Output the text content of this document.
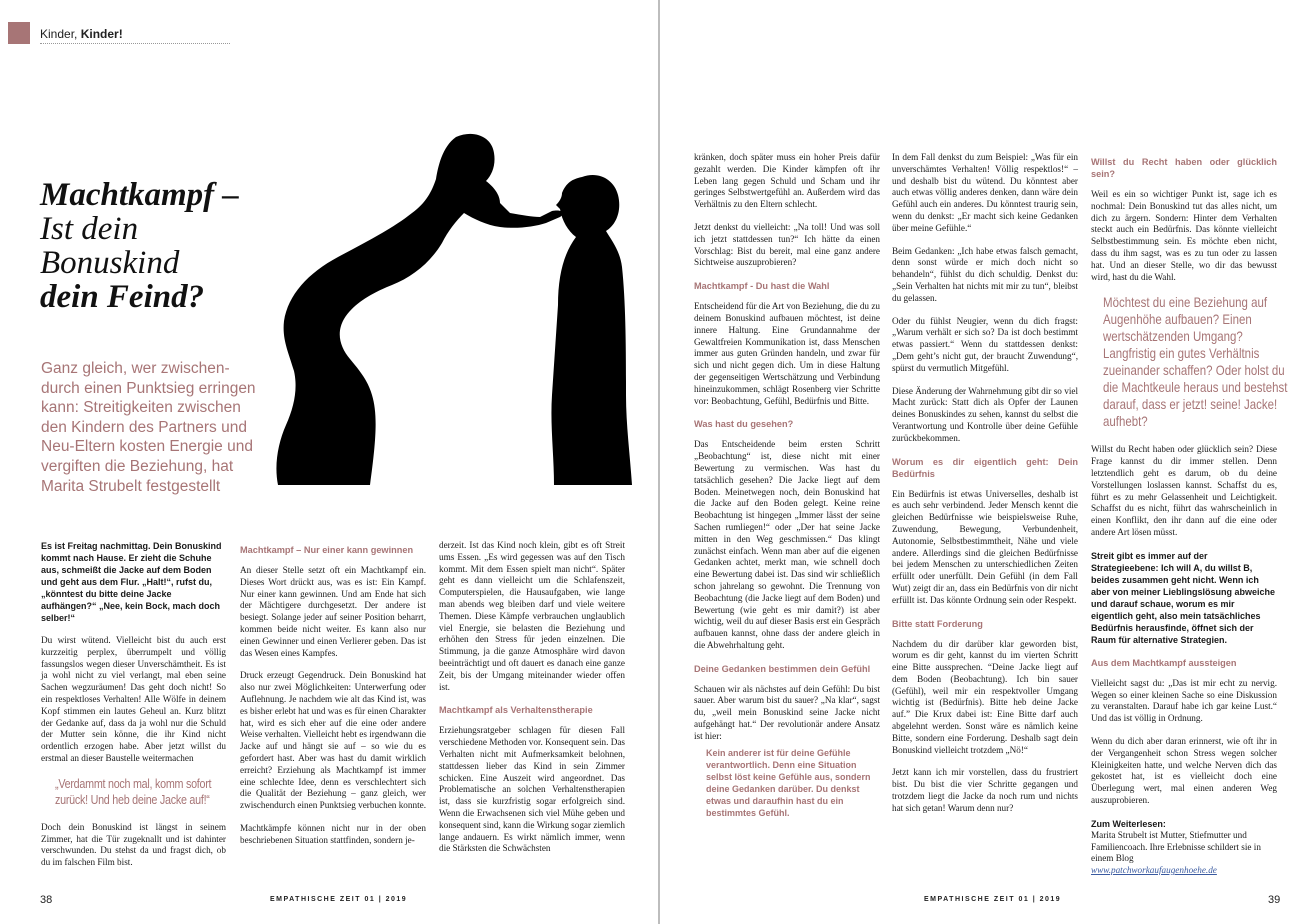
Kinder, Kinder!
Machtkampf –
Ist dein
Bonuskind
dein Feind?
Ganz gleich, wer zwischendurch einen Punktsieg erringen kann: Streitigkeiten zwischen den Kindern des Partners und Neu-Eltern kosten Energie und vergiften die Beziehung, hat Marita Strubelt festgestellt

Es ist Freitag nachmittag. Dein Bonuskind kommt nach Hause. Er zieht die Schuhe aus, schmeißt die Jacke auf dem Boden und geht aus dem Flur. „Halt!“, rufst du, „könntest du bitte deine Jacke aufhängen?“ „Nee, kein Bock, mach doch selber!“

Du wirst wütend. Vielleicht bist du auch erst kurzzeitig perplex, überrumpelt und völlig fassungslos wegen dieser Unverschämtheit. Es ist ja wohl nicht zu viel verlangt, mal eben seine Sachen wegzuräumen! Das geht doch nicht! So ein respektloses Verhalten! Alle Wölfe in deinem Kopf stimmen ein lautes Geheul an. Kurz blitzt der Gedanke auf, dass da ja wohl nur die Schuld der Mutter sein könne, die ihr Kind nicht ordentlich erzogen habe. Aber jetzt willst du erstmal an dieser Baustelle weitermachen

„Verdammt noch mal, komm sofort zurück! Und heb deine Jacke auf!“

Doch dein Bonuskind ist längst in seinem Zimmer, hat die Tür zugeknallt und ist dahinter verschwunden. Du stehst da und fragst dich, ob du im falschen Film bist.

Machtkampf – Nur einer kann gewinnen

An dieser Stelle setzt oft ein Machtkampf ein. Dieses Wort drückt aus, was es ist: Ein Kampf. Nur einer kann gewinnen. Und am Ende hat sich der Mächtigere durchgesetzt. Der andere ist besiegt. Solange jeder auf seiner Position beharrt, kommen beide nicht weiter. Es kann also nur einen Gewinner und einen Verlierer geben. Das ist das Wesen eines Kampfes.

Druck erzeugt Gegendruck. Dein Bonuskind hat also nur zwei Möglichkeiten: Unterwerfung oder Auflehnung. Je nachdem wie alt das Kind ist, was es bisher erlebt hat und was es für einen Charakter hat, wird es sich eher auf die eine oder andere Weise verhalten. Vielleicht hebt es irgendwann die Jacke auf und hängt sie auf – so wie du es gefordert hast. Aber was hast du damit wirklich erreicht? Erziehung als Machtkampf ist immer eine schlechte Idee, denn es verschlechtert sich die Qualität der Beziehung – ganz gleich, wer zwischendurch einen Punktsieg verbuchen konnte.

Machtkämpfe können nicht nur in der oben beschriebenen Situation stattfinden, sondern je-

derzeit. Ist das Kind noch klein, gibt es oft Streit ums Essen. „Es wird gegessen was auf den Tisch kommt. Mit dem Essen spielt man nicht“. Später geht es dann vielleicht um die Schlafenszeit, Computerspielen, die Hausaufgaben, wie lange man abends weg bleiben darf und viele weitere Themen. Diese Kämpfe verbrauchen unglaublich viel Energie, sie belasten die Beziehung und erhöhen den Stress für jeden einzelnen. Die Stimmung, ja die ganze Atmosphäre wird davon beeinträchtigt und oft dauert es danach eine ganze Zeit, bis der Umgang miteinander wieder offen ist.

Machtkampf als Verhaltenstherapie

Erziehungsratgeber schlagen für diesen Fall verschiedene Methoden vor. Konsequent sein. Das Verhalten nicht mit Aufmerksamkeit belohnen, stattdessen lieber das Kind in sein Zimmer schicken. Eine Auszeit wird angeordnet. Das Problematische an solchen Verhaltenstherapien ist, dass sie kurzfristig sogar erfolgreich sind. Wenn die Erwachsenen sich viel Mühe geben und konsequent sind, kann die Wirkung sogar ziemlich lange andauern. Es wirkt nämlich immer, wenn die Stärksten die Schwächsten

38	EMPATHISCHE ZEIT 01 | 2019

kränken, doch später muss ein hoher Preis dafür gezahlt werden. Die Kinder kämpfen oft ihr Leben lang gegen Schuld und Scham und ihr geringes Selbstwertgefühl an. Außerdem wird das Verhältnis zu den Eltern schlecht.

Jetzt denkst du vielleicht: „Na toll! Und was soll ich jetzt stattdessen tun?“ Ich hätte da einen Vorschlag: Bist du bereit, mal eine ganz andere Sichtweise auszuprobieren?

Machtkampf - Du hast die Wahl

Entscheidend für die Art von Beziehung, die du zu deinem Bonuskind aufbauen möchtest, ist deine innere Haltung. Eine Grundannahme der Gewaltfreien Kommunikation ist, dass Menschen immer aus guten Gründen handeln, und zwar für sich und nicht gegen dich. Um in diese Haltung der gegenseitigen Wertschätzung und Verbindung hineinzukommen, schlägt Rosenberg vier Schritte vor: Beobachtung, Gefühl, Bedürfnis und Bitte.

Was hast du gesehen?

Das Entscheidende beim ersten Schritt „Beobachtung“ ist, diese nicht mit einer Bewertung zu vermischen. Was hast du tatsächlich gesehen? Die Jacke liegt auf dem Boden. Meinetwegen noch, dein Bonuskind hat die Jacke auf den Boden gelegt. Keine reine Beobachtung ist hingegen „Immer lässt der seine Sachen rumliegen!“ oder „Der hat seine Jacke mitten in den Weg geschmissen.“ Das klingt zunächst einfach. Wenn man aber auf die eigenen Gedanken achtet, merkt man, wie schnell doch eine Bewertung dabei ist. Das sind wir schließlich schon jahrelang so gewohnt. Die Trennung von Beobachtung (die Jacke liegt auf dem Boden) und Bewertung (wie geht es mir damit?) ist aber wichtig, weil du auf dieser Basis erst ein Gespräch aufbauen kannst, ohne dass der andere gleich in die Abwehrhaltung geht.

Deine Gedanken bestimmen dein Gefühl

Schauen wir als nächstes auf dein Gefühl: Du bist sauer. Aber warum bist du sauer? „Na klar“, sagst du, „weil mein Bonuskind seine Jacke nicht aufgehängt hat.“ Der revolutionär andere Ansatz ist hier:

Kein anderer ist für deine Gefühle verantwortlich. Denn eine Situation selbst löst keine Gefühle aus, sondern deine Gedanken darüber. Du denkst etwas und daraufhin hast du ein bestimmtes Gefühl.

In dem Fall denkst du zum Beispiel: „Was für ein unverschämtes Verhalten! Völlig respektlos!“ – und deshalb bist du wütend. Du könntest aber auch etwas völlig anderes denken, dann wäre dein Gefühl auch ein anderes. Du könntest traurig sein, wenn du denkst: „Er macht sich keine Gedanken über meine Gefühle.“

Beim Gedanken: „Ich habe etwas falsch gemacht, denn sonst würde er mich doch nicht so behandeln“, fühlst du dich schuldig. Denkst du: „Sein Verhalten hat nichts mit mir zu tun“, bleibst du gelassen.

Oder du fühlst Neugier, wenn du dich fragst: „Warum verhält er sich so? Da ist doch bestimmt etwas passiert.“ Wenn du stattdessen denkst: „Dem geht’s nicht gut, der braucht Zuwendung“, spürst du vermutlich Mitgefühl.

Diese Änderung der Wahrnehmung gibt dir so viel Macht zurück: Statt dich als Opfer der Launen deines Bonuskindes zu sehen, kannst du selbst die Verantwortung und Kontrolle über deine Gefühle zurückbekommen.

Worum es dir eigentlich geht: Dein Bedürfnis

Ein Bedürfnis ist etwas Universelles, deshalb ist es auch sehr verbindend. Jeder Mensch kennt die gleichen Bedürfnisse wie beispielsweise Ruhe, Zuwendung, Bewegung, Verbundenheit, Autonomie, Selbstbestimmtheit, Nähe und viele andere. Allerdings sind die gleichen Bedürfnisse bei jedem Menschen zu unterschiedlichen Zeiten erfüllt oder unerfüllt. Dein Gefühl (in dem Fall Wut) zeigt dir an, dass ein Bedürfnis von dir nicht erfüllt ist. Das könnte Ordnung sein oder Respekt.

Bitte statt Forderung

Nachdem du dir darüber klar geworden bist, worum es dir geht, kannst du im vierten Schritt eine Bitte aussprechen. “Deine Jacke liegt auf dem Boden (Beobachtung). Ich bin sauer (Gefühl), weil mir ein respektvoller Umgang wichtig ist (Bedürfnis). Bitte heb deine Jacke auf.” Die Krux dabei ist: Eine Bitte darf auch abgelehnt werden. Sonst wäre es nämlich keine Bitte, sondern eine Forderung. Deshalb sagt dein Bonuskind vielleicht trotzdem „Nö!“

Jetzt kann ich mir vorstellen, dass du frustriert bist. Du bist die vier Schritte gegangen und trotzdem liegt die Jacke da noch rum und nichts hat sich getan! Warum denn nur?

Willst du Recht haben oder glücklich sein?

Weil es ein so wichtiger Punkt ist, sage ich es nochmal: Dein Bonuskind tut das alles nicht, um dich zu ärgern. Sondern: Hinter dem Verhalten steckt auch ein Bedürfnis. Das könnte vielleicht Selbstbestimmung sein. Es möchte eben nicht, dass du ihm sagst, was es zu tun oder zu lassen hat. Und an dieser Stelle, wo dir das bewusst wird, hast du die Wahl.

Möchtest du eine Beziehung auf Augenhöhe aufbauen? Einen wertschätzenden Umgang? Langfristig ein gutes Verhältnis zueinander schaffen? Oder holst du die Machtkeule heraus und bestehst darauf, dass er jetzt! seine! Jacke! aufhebt?

Willst du Recht haben oder glücklich sein? Diese Frage kannst du dir immer stellen. Denn letztendlich geht es darum, ob du deine Vorstellungen loslassen kannst. Schaffst du es, führt es zu mehr Gelassenheit und Leichtigkeit. Schaffst du es nicht, führt das wahrscheinlich in einen Konflikt, den ihr dann auf die eine oder andere Art lösen müsst.

Streit gibt es immer auf der Strategieebene: Ich will A, du willst B, beides zusammen geht nicht. Wenn ich aber von meiner Lieblingslösung abweiche und darauf schaue, worum es mir eigentlich geht, also mein tatsächliches Bedürfnis herausfinde, öffnet sich der Raum für alternative Strategien.

Aus dem Machtkampf aussteigen

Vielleicht sagst du: „Das ist mir echt zu nervig. Wegen so einer kleinen Sache so eine Diskussion zu veranstalten. Darauf habe ich gar keine Lust.“ Und das ist völlig in Ordnung.

Wenn du dich aber daran erinnerst, wie oft ihr in der Vergangenheit schon Stress wegen solcher Kleinigkeiten hatte, und welche Nerven dich das gekostet hat, ist es vielleicht doch eine Überlegung wert, mal einen anderen Weg auszuprobieren.

Zum Weiterlesen:

Marita Strubelt ist Mutter, Stiefmutter und Familiencoach. Ihre Erlebnisse schildert sie in einem Blog

www.patchworkaufaugenhoehe.de
EMPATHISCHE ZEIT 01 | 2019	39
